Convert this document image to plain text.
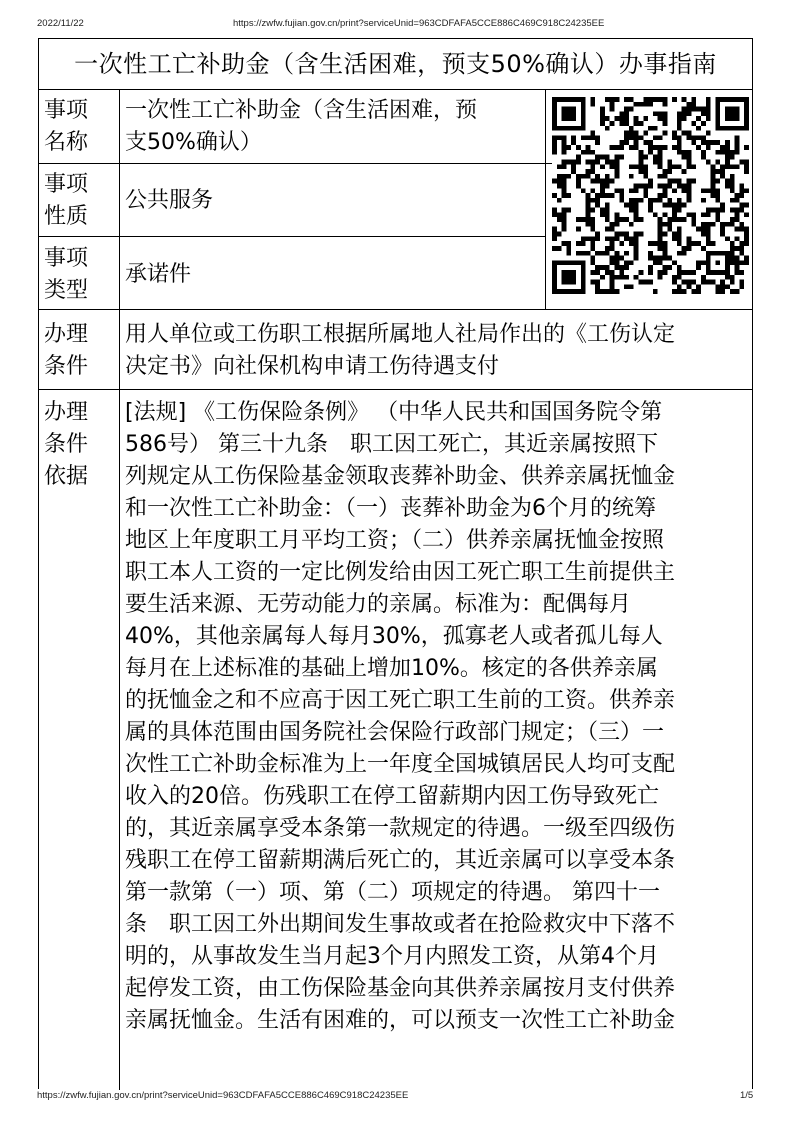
2022/11/22	https://zwfw.fujian.gov.cn/print?serviceUnid=963CDFAFA5CCE886C469C918C24235EE
一次性工亡补助金（含生活困难，预支50%确认）办事指南
事项
名称
一次性工亡补助金（含生活困难，预
支50%确认）
事项
性质
公共服务
事项
类型
承诺件
办理
条件
用人单位或工伤职工根据所属地人社局作出的《工伤认定
决定书》向社保机构申请工伤待遇支付
办理
条件
依据
[法规] 《工伤保险条例》 （中华人民共和国国务院令第
586号） 第三十九条　职工因工死亡，其近亲属按照下
列规定从工伤保险基金领取丧葬补助金、供养亲属抚恤金
和一次性工亡补助金：（一）丧葬补助金为6个月的统筹
地区上年度职工月平均工资；（二）供养亲属抚恤金按照
职工本人工资的一定比例发给由因工死亡职工生前提供主
要生活来源、无劳动能力的亲属。标准为：配偶每月
40%，其他亲属每人每月30%，孤寡老人或者孤儿每人
每月在上述标准的基础上增加10%。核定的各供养亲属
的抚恤金之和不应高于因工死亡职工生前的工资。供养亲
属的具体范围由国务院社会保险行政部门规定；（三）一
次性工亡补助金标准为上一年度全国城镇居民人均可支配
收入的20倍。伤残职工在停工留薪期内因工伤导致死亡
的，其近亲属享受本条第一款规定的待遇。一级至四级伤
残职工在停工留薪期满后死亡的，其近亲属可以享受本条
第一款第（一）项、第（二）项规定的待遇。 第四十一
条　职工因工外出期间发生事故或者在抢险救灾中下落不
明的，从事故发生当月起3个月内照发工资，从第4个月
起停发工资，由工伤保险基金向其供养亲属按月支付供养
亲属抚恤金。生活有困难的，可以预支一次性工亡补助金
https://zwfw.fujian.gov.cn/print?serviceUnid=963CDFAFA5CCE886C469C918C24235EE	1/5
